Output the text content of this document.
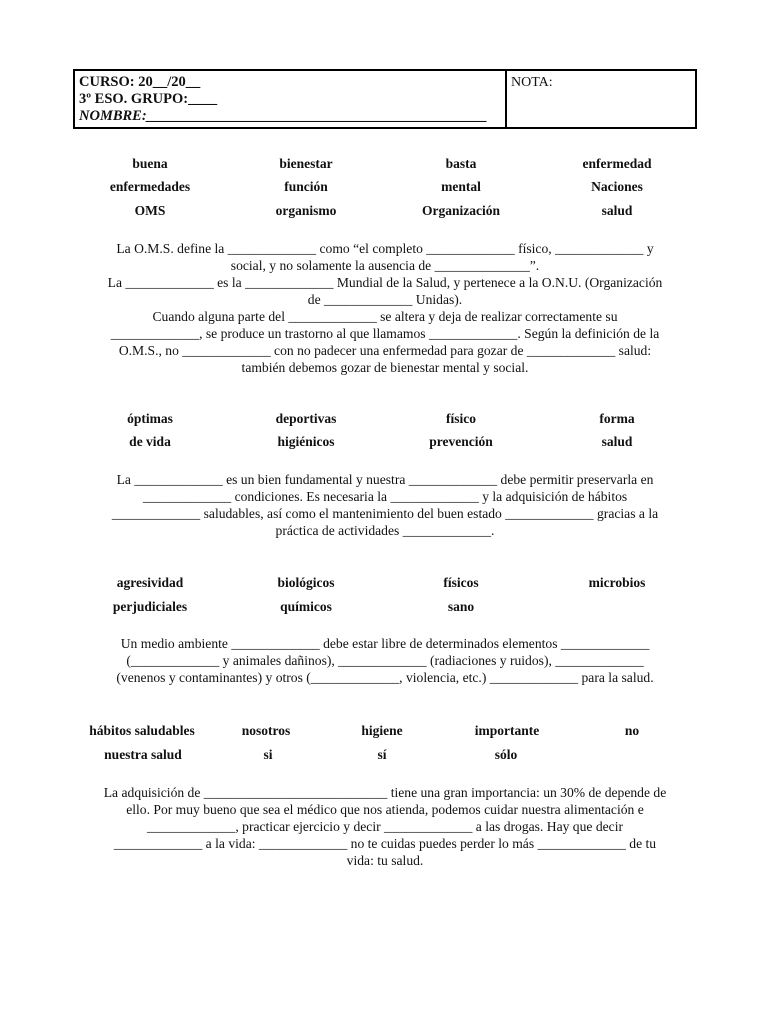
CURSO: 20__/20__
3º ESO. GRUPO:____
NOMBRE:_______________________________________________
NOTA:
buena	bienestar	basta	enfermedad
enfermedades	función	mental	Naciones
OMS	organismo	Organización	salud
La O.M.S. define la _____________ como “el completo _____________ físico, _____________ y
social, y no solamente la ausencia de ______________”.
La _____________ es la _____________ Mundial de la Salud, y pertenece a la O.N.U. (Organización
de _____________ Unidas).
Cuando alguna parte del _____________ se altera y deja de realizar correctamente su
_____________, se produce un trastorno al que llamamos _____________. Según la definición de la
O.M.S., no _____________ con no padecer una enfermedad para gozar de _____________ salud:
también debemos gozar de bienestar mental y social.
óptimas	deportivas	físico	forma
de vida	higiénicos	prevención	salud
La _____________ es un bien fundamental y nuestra _____________ debe permitir preservarla en
_____________ condiciones. Es necesaria la _____________ y la adquisición de hábitos
_____________ saludables, así como el mantenimiento del buen estado _____________ gracias a la
práctica de actividades _____________.
agresividad	biológicos	físicos	microbios
perjudiciales	químicos	sano
Un medio ambiente _____________ debe estar libre de determinados elementos _____________
(_____________ y animales dañinos), _____________ (radiaciones y ruidos), _____________
(venenos y contaminantes) y otros (_____________, violencia, etc.) _____________ para la salud.
hábitos saludables	nosotros	higiene	importante	no
nuestra salud	si	sí	sólo
La adquisición de ___________________________ tiene una gran importancia: un 30% de depende de
ello. Por muy bueno que sea el médico que nos atienda, podemos cuidar nuestra alimentación e
_____________, practicar ejercicio y decir _____________ a las drogas. Hay que decir
_____________ a la vida: _____________ no te cuidas puedes perder lo más _____________ de tu
vida: tu salud.
